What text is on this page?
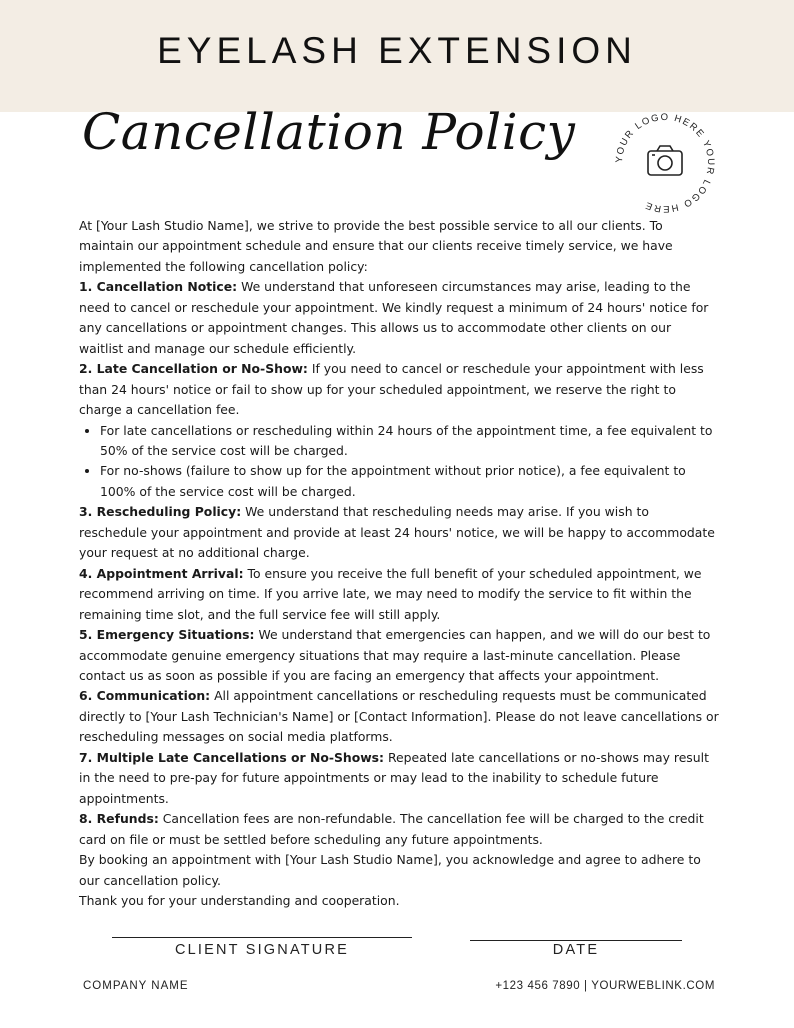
EYELASH EXTENSION
Cancellation Policy	YOUR LOGO HERE YOUR LOGO HERE

At [Your Lash Studio Name], we strive to provide the best possible service to all our clients. To maintain our appointment schedule and ensure that our clients receive timely service, we have implemented the following cancellation policy:

1. Cancellation Notice: We understand that unforeseen circumstances may arise, leading to the need to cancel or reschedule your appointment. We kindly request a minimum of 24 hours' notice for any cancellations or appointment changes. This allows us to accommodate other clients on our waitlist and manage our schedule efficiently.

2. Late Cancellation or No-Show: If you need to cancel or reschedule your appointment with less than 24 hours' notice or fail to show up for your scheduled appointment, we reserve the right to charge a cancellation fee.

• For late cancellations or rescheduling within 24 hours of the appointment time, a fee equivalent to 50% of the service cost will be charged.
• For no-shows (failure to show up for the appointment without prior notice), a fee equivalent to 100% of the service cost will be charged.

3. Rescheduling Policy: We understand that rescheduling needs may arise. If you wish to reschedule your appointment and provide at least 24 hours' notice, we will be happy to accommodate your request at no additional charge.

4. Appointment Arrival: To ensure you receive the full benefit of your scheduled appointment, we recommend arriving on time. If you arrive late, we may need to modify the service to fit within the remaining time slot, and the full service fee will still apply.

5. Emergency Situations: We understand that emergencies can happen, and we will do our best to accommodate genuine emergency situations that may require a last-minute cancellation. Please contact us as soon as possible if you are facing an emergency that affects your appointment.

6. Communication: All appointment cancellations or rescheduling requests must be communicated directly to [Your Lash Technician's Name] or [Contact Information]. Please do not leave cancellations or rescheduling messages on social media platforms.

7. Multiple Late Cancellations or No-Shows: Repeated late cancellations or no-shows may result in the need to pre-pay for future appointments or may lead to the inability to schedule future appointments.

8. Refunds: Cancellation fees are non-refundable. The cancellation fee will be charged to the credit card on file or must be settled before scheduling any future appointments.

By booking an appointment with [Your Lash Studio Name], you acknowledge and agree to adhere to our cancellation policy.

Thank you for your understanding and cooperation.

CLIENT SIGNATURE	DATE
COMPANY NAME	+123 456 7890 | YOURWEBLINK.COM
